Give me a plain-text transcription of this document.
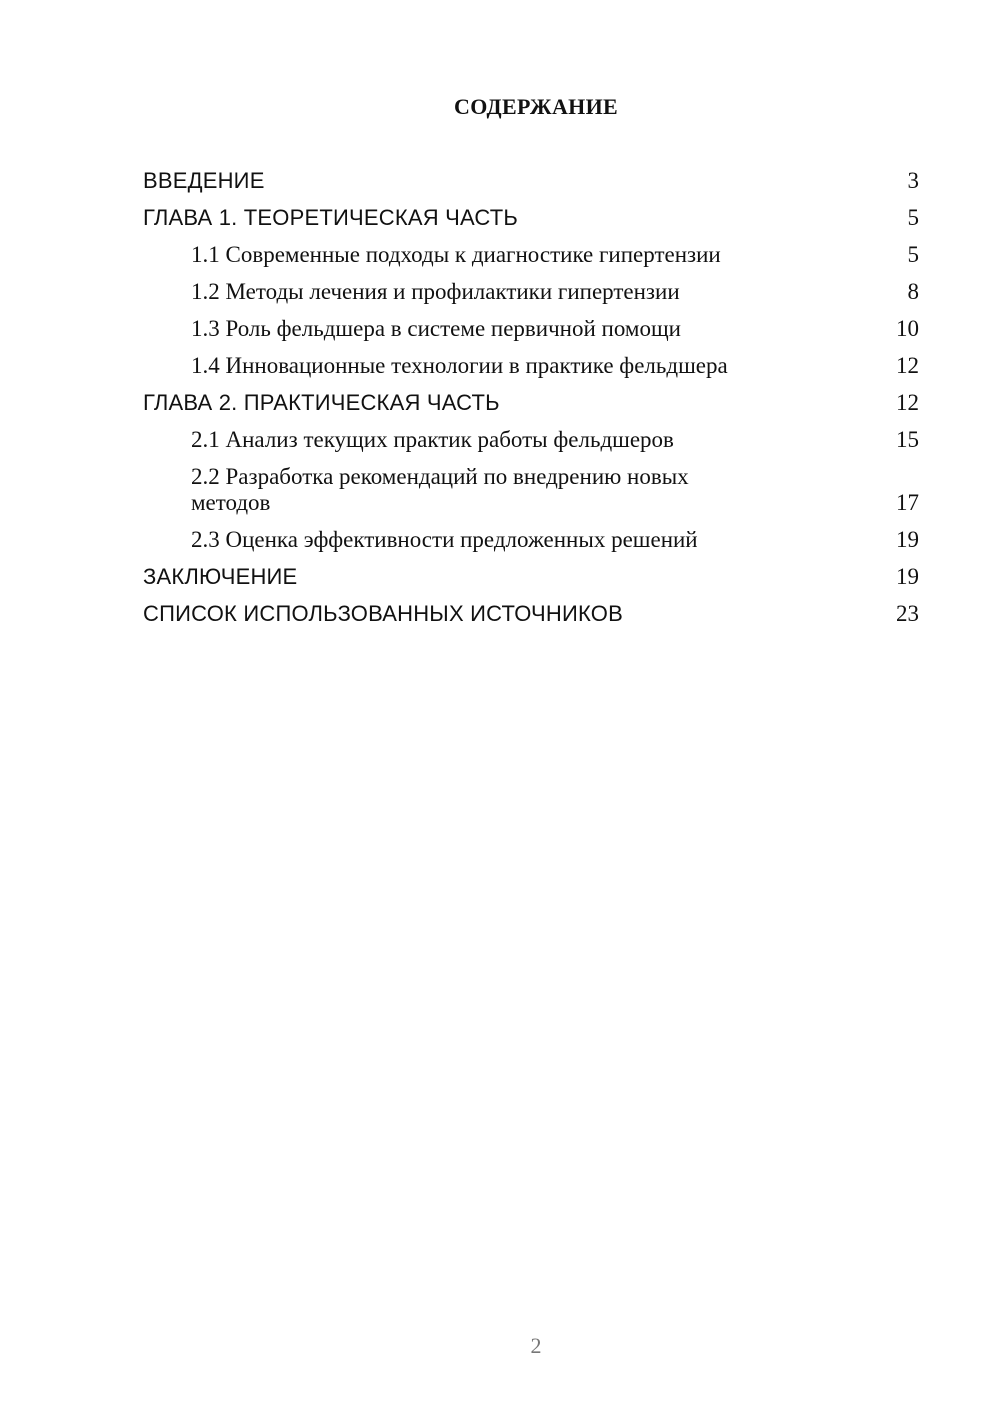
СОДЕРЖАНИЕ
ВВЕДЕНИЕ	3
ГЛАВА 1. ТЕОРЕТИЧЕСКАЯ ЧАСТЬ	5
1.1 Современные подходы к диагностике гипертензии	5
1.2 Методы лечения и профилактики гипертензии	8
1.3 Роль фельдшера в системе первичной помощи	10
1.4 Инновационные технологии в практике фельдшера	12
ГЛАВА 2. ПРАКТИЧЕСКАЯ ЧАСТЬ	12
2.1 Анализ текущих практик работы фельдшеров	15
2.2 Разработка рекомендаций по внедрению новых методов	17
2.3 Оценка эффективности предложенных решений	19
ЗАКЛЮЧЕНИЕ	19
СПИСОК ИСПОЛЬЗОВАННЫХ ИСТОЧНИКОВ	23
2
